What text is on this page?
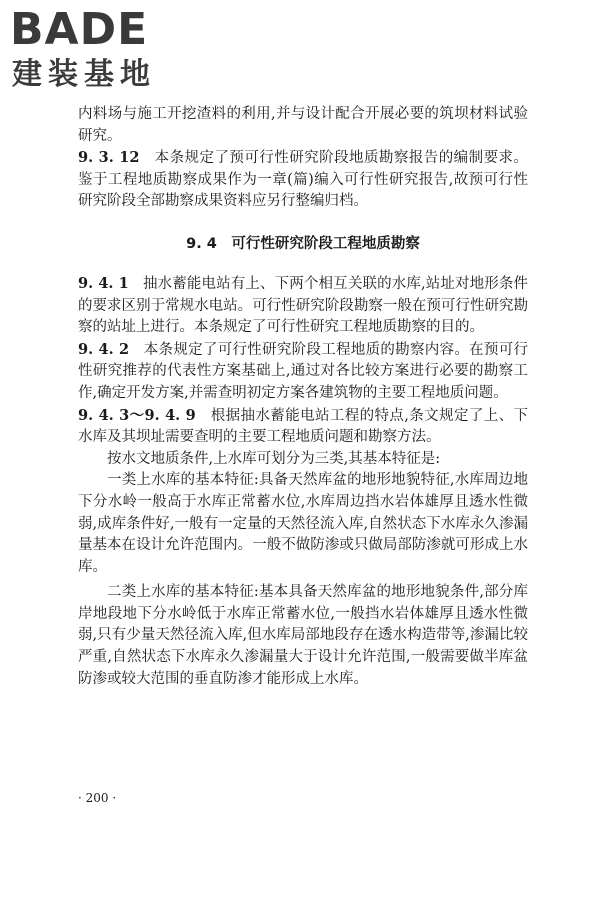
BADE
建装基地

内料场与施工开挖渣料的利用,并与设计配合开展必要的筑坝材料试验研究。

9. 3. 12 本条规定了预可行性研究阶段地质勘察报告的编制要求。鉴于工程地质勘察成果作为一章(篇)编入可行性研究报告,故预可行性研究阶段全部勘察成果资料应另行整编归档。

9. 4　可行性研究阶段工程地质勘察

9. 4. 1 抽水蓄能电站有上、下两个相互关联的水库,站址对地形条件的要求区别于常规水电站。可行性研究阶段勘察一般在预可行性研究勘察的站址上进行。本条规定了可行性研究工程地质勘察的目的。

9. 4. 2 本条规定了可行性研究阶段工程地质的勘察内容。在预可行性研究推荐的代表性方案基础上,通过对各比较方案进行必要的勘察工作,确定开发方案,并需查明初定方案各建筑物的主要工程地质问题。

9. 4. 3～9. 4. 9 根据抽水蓄能电站工程的特点,条文规定了上、下水库及其坝址需要查明的主要工程地质问题和勘察方法。

按水文地质条件,上水库可划分为三类,其基本特征是:

一类上水库的基本特征:具备天然库盆的地形地貌特征,水库周边地下分水岭一般高于水库正常蓄水位,水库周边挡水岩体雄厚且透水性微弱,成库条件好,一般有一定量的天然径流入库,自然状态下水库永久渗漏量基本在设计允许范围内。一般不做防渗或只做局部防渗就可形成上水库。

二类上水库的基本特征:基本具备天然库盆的地形地貌条件,部分库岸地段地下分水岭低于水库正常蓄水位,一般挡水岩体雄厚且透水性微弱,只有少量天然径流入库,但水库局部地段存在透水构造带等,渗漏比较严重,自然状态下水库永久渗漏量大于设计允许范围,一般需要做半库盆防渗或较大范围的垂直防渗才能形成上水库。

· 200 ·
